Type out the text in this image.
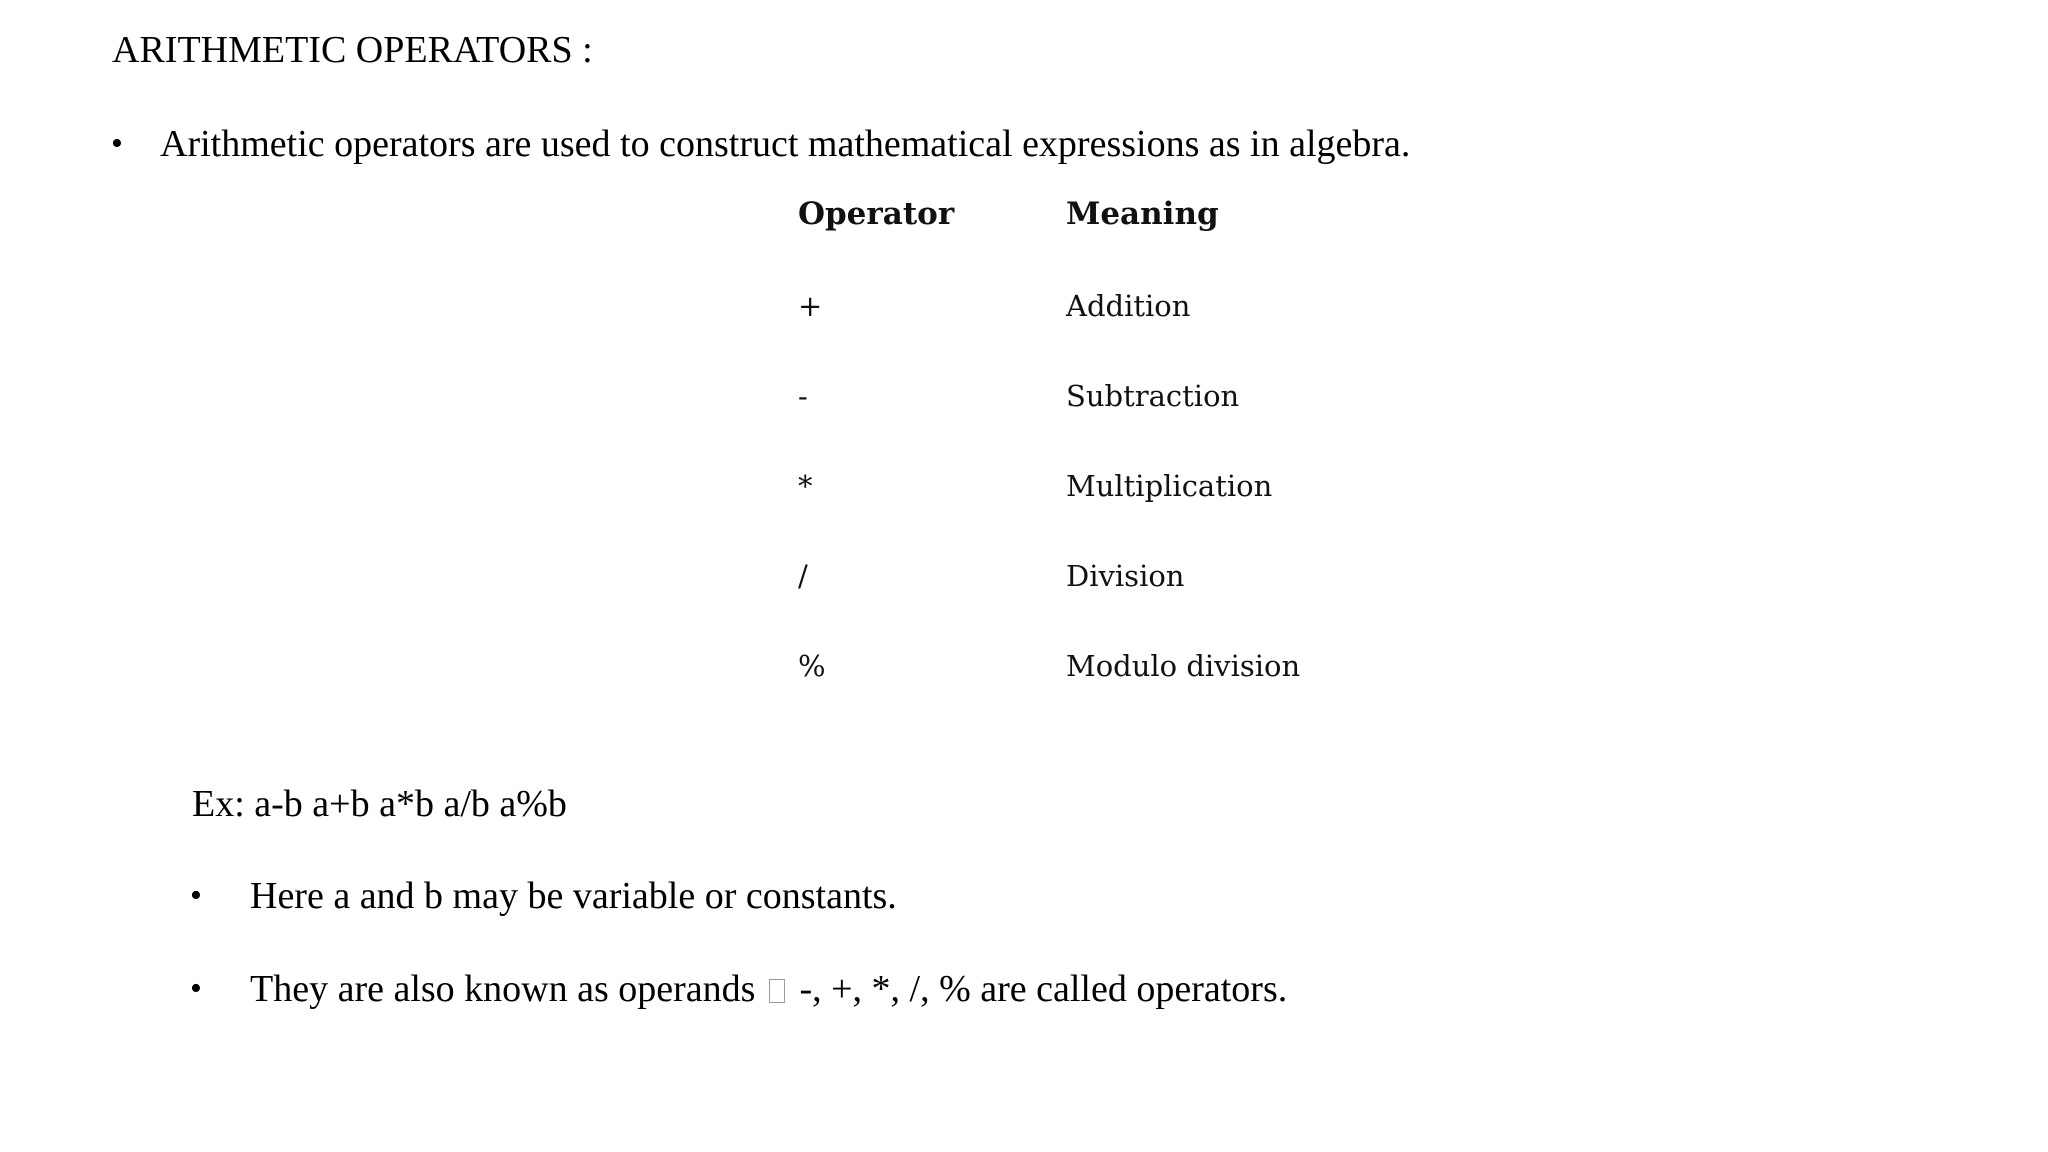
ARITHMETIC OPERATORS :
• Arithmetic operators are used to construct mathematical expressions as in algebra.
Operator	Meaning
+	Addition
-	Subtraction
*	Multiplication
/	Division
%	Modulo division
Ex: a-b a+b a*b a/b a%b
• Here a and b may be variable or constants.
• They are also known as operands -, +, *, /, % are called operators.
